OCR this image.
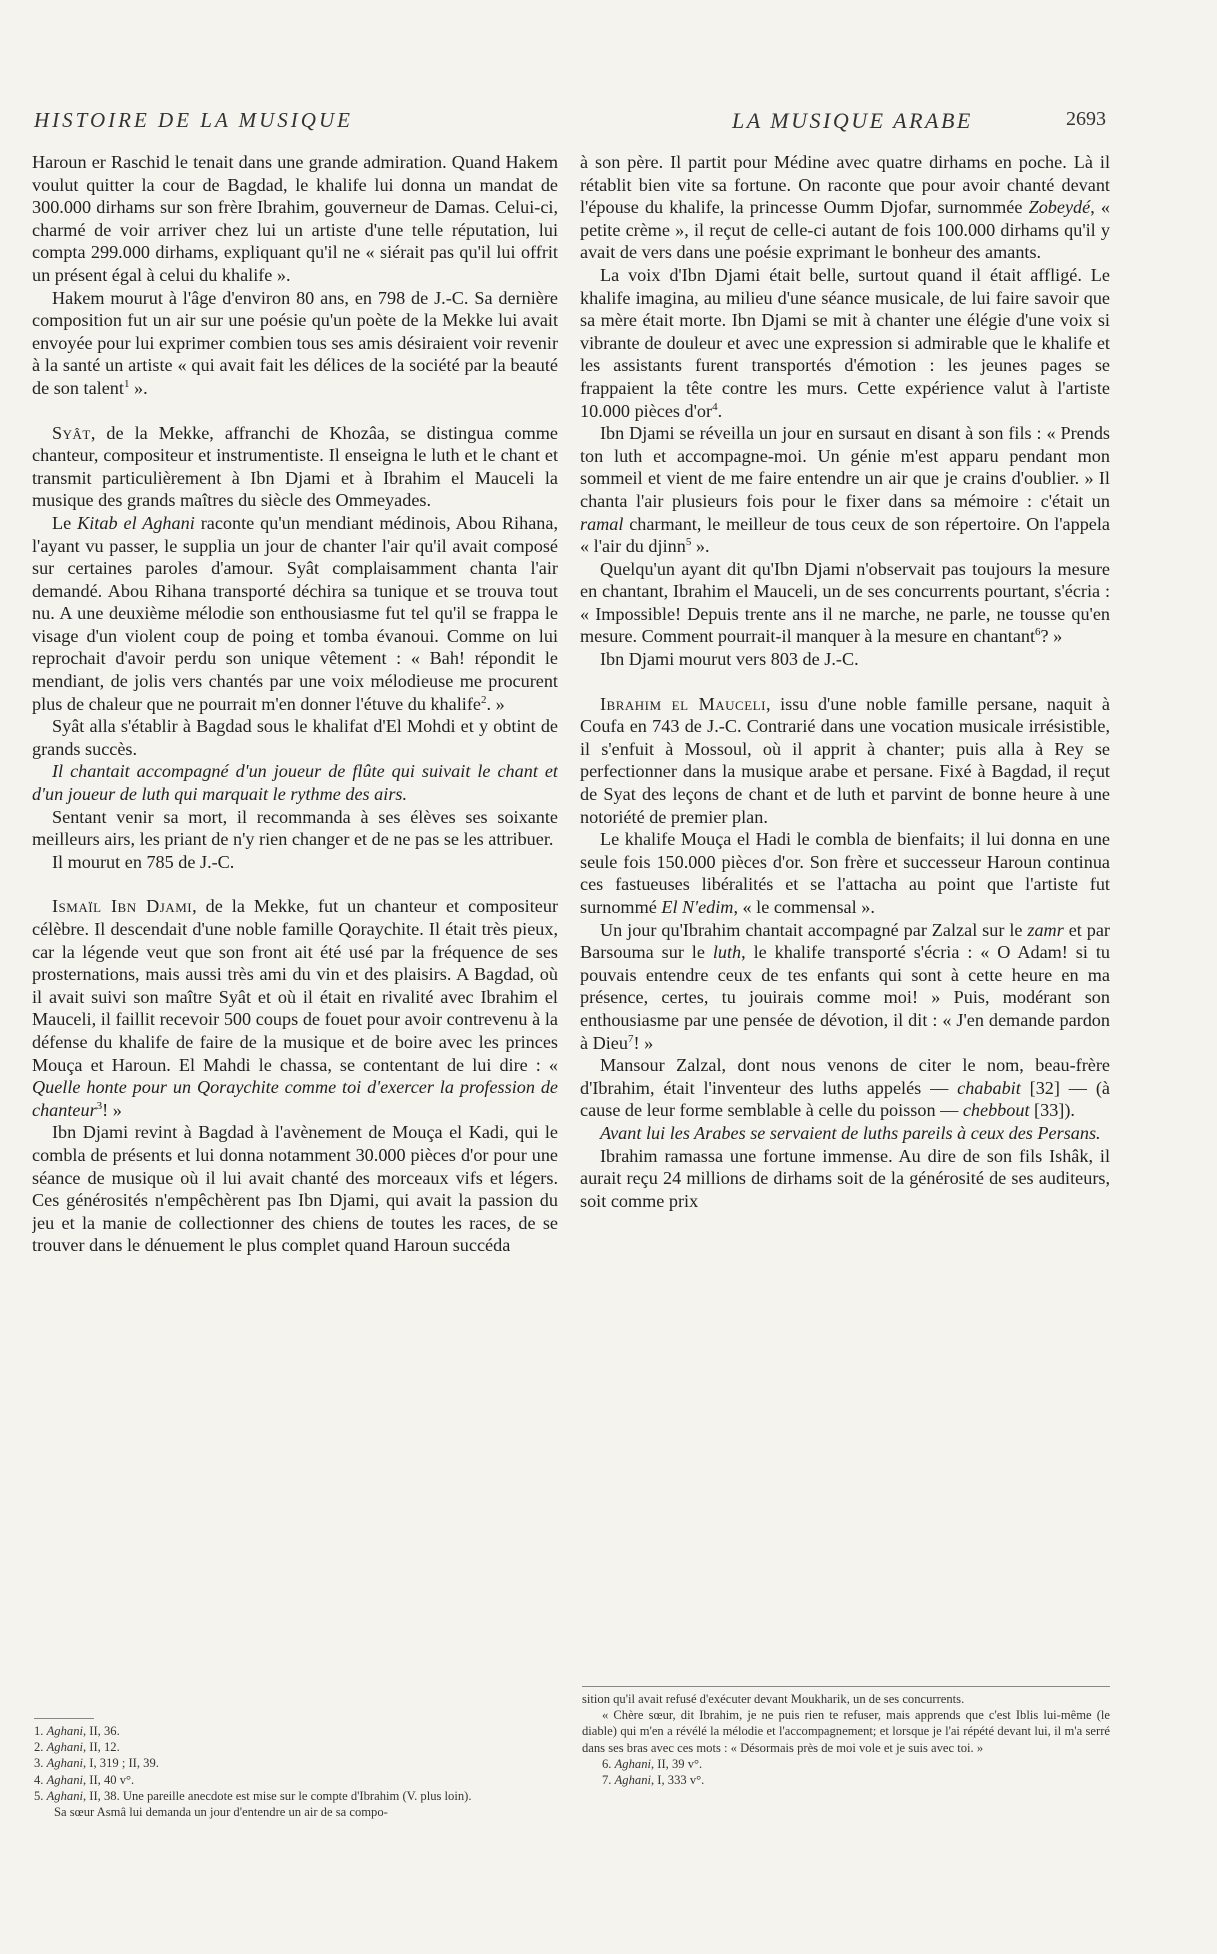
HISTOIRE DE LA MUSIQUE	LA MUSIQUE ARABE	2693

Haroun er Raschid le tenait dans une grande admiration. Quand Hakem voulut quitter la cour de Bagdad, le khalife lui donna un mandat de 300.000 dirhams sur son frère Ibrahim, gouverneur de Damas. Celui-ci, charmé de voir arriver chez lui un artiste d'une telle réputation, lui compta 299.000 dirhams, expliquant qu'il ne « siérait pas qu'il lui offrit un présent égal à celui du khalife ».

Hakem mourut à l'âge d'environ 80 ans, en 798 de J.-C. Sa dernière composition fut un air sur une poésie qu'un poète de la Mekke lui avait envoyée pour lui exprimer combien tous ses amis désiraient voir revenir à la santé un artiste « qui avait fait les délices de la société par la beauté de son talent$^1$ ».

Syât, de la Mekke, affranchi de Khozâa, se distingua comme chanteur, compositeur et instrumentiste. Il enseigna le luth et le chant et transmit particulièrement à Ibn Djami et à Ibrahim el Mauceli la musique des grands maîtres du siècle des Ommeyades.

Le Kitab el Aghani raconte qu'un mendiant médinois, Abou Rihana, l'ayant vu passer, le supplia un jour de chanter l'air qu'il avait composé sur certaines paroles d'amour. Syât complaisamment chanta l'air demandé. Abou Rihana transporté déchira sa tunique et se trouva tout nu. A une deuxième mélodie son enthousiasme fut tel qu'il se frappa le visage d'un violent coup de poing et tomba évanoui. Comme on lui reprochait d'avoir perdu son unique vêtement : « Bah! répondit le mendiant, de jolis vers chantés par une voix mélodieuse me procurent plus de chaleur que ne pourrait m'en donner l'étuve du khalife$^2$. »

Syât alla s'établir à Bagdad sous le khalifat d'El Mohdi et y obtint de grands succès.

Il chantait accompagné d'un joueur de flûte qui suivait le chant et d'un joueur de luth qui marquait le rythme des airs.

Sentant venir sa mort, il recommanda à ses élèves ses soixante meilleurs airs, les priant de n'y rien changer et de ne pas se les attribuer.

Il mourut en 785 de J.-C.

Ismaïl Ibn Djami, de la Mekke, fut un chanteur et compositeur célèbre. Il descendait d'une noble famille Qoraychite. Il était très pieux, car la légende veut que son front ait été usé par la fréquence de ses prosternations, mais aussi très ami du vin et des plaisirs. A Bagdad, où il avait suivi son maître Syât et où il était en rivalité avec Ibrahim el Mauceli, il faillit recevoir 500 coups de fouet pour avoir contrevenu à la défense du khalife de faire de la musique et de boire avec les princes Mouça et Haroun. El Mahdi le chassa, se contentant de lui dire : « Quelle honte pour un Qoraychite comme toi d'exercer la profession de chanteur$^3$! »

Ibn Djami revint à Bagdad à l'avènement de Mouça el Kadi, qui le combla de présents et lui donna notamment 30.000 pièces d'or pour une séance de musique où il lui avait chanté des morceaux vifs et légers. Ces générosités n'empêchèrent pas Ibn Djami, qui avait la passion du jeu et la manie de collectionner des chiens de toutes les races, de se trouver dans le dénuement le plus complet quand Haroun succéda

à son père. Il partit pour Médine avec quatre dirhams en poche. Là il rétablit bien vite sa fortune. On raconte que pour avoir chanté devant l'épouse du khalife, la princesse Oumm Djofar, surnommée Zobeydé, « petite crème », il reçut de celle-ci autant de fois 100.000 dirhams qu'il y avait de vers dans une poésie exprimant le bonheur des amants.

La voix d'Ibn Djami était belle, surtout quand il était affligé. Le khalife imagina, au milieu d'une séance musicale, de lui faire savoir que sa mère était morte. Ibn Djami se mit à chanter une élégie d'une voix si vibrante de douleur et avec une expression si admirable que le khalife et les assistants furent transportés d'émotion : les jeunes pages se frappaient la tête contre les murs. Cette expérience valut à l'artiste 10.000 pièces $d'or^4$.

Ibn Djami se réveilla un jour en sursaut en disant à son fils : « Prends ton luth et accompagne-moi. Un génie m'est apparu pendant mon sommeil et vient de me faire entendre un air que je crains d'oublier. » Il chanta l'air plusieurs fois pour le fixer dans sa mémoire : c'était un ramal charmant, le meilleur de tous ceux de son répertoire. On l'appela « l'air du djinn$^5$ ».

Quelqu'un ayant dit qu'Ibn Djami n'observait pas toujours la mesure en chantant, Ibrahim el Mauceli, un de ses concurrents pourtant, s'écria : « Impossible! Depuis trente ans il ne marche, ne parle, ne tousse qu'en mesure. Comment pourrait-il manquer à la mesure en chantant$^6$? »

Ibn Djami mourut vers 803 de J.-C.

Ibrahim el Mauceli, issu d'une noble famille persane, naquit à Coufa en 743 de J.-C. Contrarié dans une vocation musicale irrésistible, il s'enfuit à Mossoul, où il apprit à chanter; puis alla à Rey se perfectionner dans la musique arabe et persane. Fixé à Bagdad, il reçut de Syat des leçons de chant et de luth et parvint de bonne heure à une notoriété de premier plan.

Le khalife Mouça el Hadi le combla de bienfaits; il lui donna en une seule fois 150.000 pièces d'or. Son frère et successeur Haroun continua ces fastueuses libéralités et se l'attacha au point que l'artiste fut surnommé El N'edim, « le commensal ».

Un jour qu'Ibrahim chantait accompagné par Zalzal sur le zamr et par Barsouma sur le luth, le khalife transporté s'écria : « O Adam! si tu pouvais entendre ceux de tes enfants qui sont à cette heure en ma présence, certes, tu jouirais comme moi! » Puis, modérant son enthousiasme par une pensée de dévotion, il dit : « J'en demande pardon à Dieu$^7$! »

Mansour Zalzal, dont nous venons de citer le nom, beau-frère d'Ibrahim, était l'inventeur des luths appelés — chababit [32] — (à cause de leur forme semblable à celle du poisson — chebbout [33]).

Avant lui les Arabes se servaient de luths pareils à ceux des Persans.

Ibrahim ramassa une fortune immense. Au dire de son fils Ishâk, il aurait reçu 24 millions de dirhams soit de la générosité de ses auditeurs, soit comme prix

1. Aghani, II, 36.

2. Aghani, II, 12.

3. Aghani, I, 319 ; II, 39.

4. Aghani, II, 40 v°.

5. Aghani, II, 38. Une pareille anecdote est mise sur le compte d'Ibrahim (V. plus loin).

Sa sœur Asmâ lui demanda un jour d'entendre un air de sa compo-

sition qu'il avait refusé d'exécuter devant Moukharik, un de ses concurrents.

« Chère sœur, dit Ibrahim, je ne puis rien te refuser, mais apprends que c'est Iblis lui-même (le diable) qui m'en a révélé la mélodie et l'accompagnement; et lorsque je l'ai répété devant lui, il m'a serré dans ses bras avec ces mots : « Désormais près de moi vole et je suis avec toi. »

6. Aghani, II, 39 v°.

7. Aghani, I, 333 v°.
